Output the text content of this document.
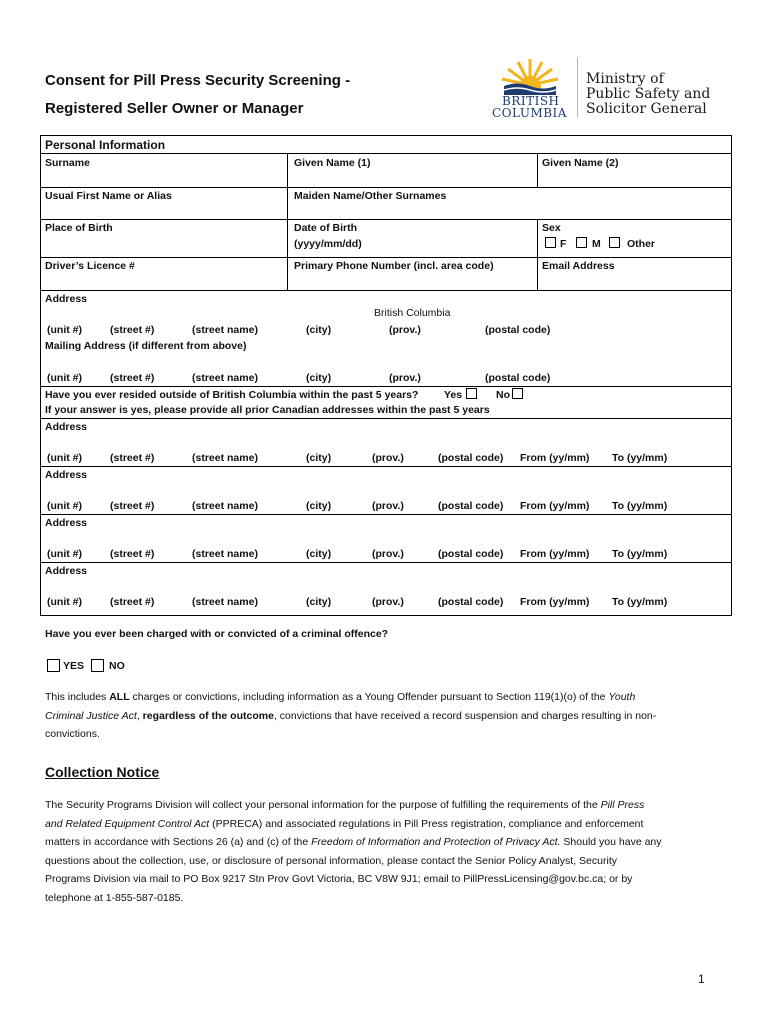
Consent for Pill Press Security Screening -
Registered Seller Owner or Manager	BRITISH
COLUMBIA
Ministry of
Public Safety and
Solicitor General
Personal Information
Surname	Given Name (1)	Given Name (2)
Usual First Name or Alias	Maiden Name/Other Surnames
Place of Birth	Date of Birth
(yyyy/mm/dd)
Sex
F M	Other
Driver’s Licence #	Primary Phone Number (incl. area code)	Email Address
Address
British Columbia
(unit #)	(street #)	(street name)	(city)	(prov.)	(postal code)
Mailing Address (if different from above)
(unit #)	(street #)	(street name)	(city)	(prov.)	(postal code)
Have you ever resided outside of British Columbia within the past 5 years? Yes	No
If your answer is yes, please provide all prior Canadian addresses within the past 5 years
Address
(unit #)	(street #)	(street name)	(city)	(prov.)	(postal code) From (yy/mm) To (yy/mm)
Address
(unit #)	(street #)	(street name)	(city)	(prov.)	(postal code) From (yy/mm) To (yy/mm)
Address
(unit #)	(street #)	(street name)	(city)	(prov.)	(postal code) From (yy/mm) To (yy/mm)
Address
(unit #)	(street #)	(street name)	(city)	(prov.)	(postal code) From (yy/mm) To (yy/mm)
Have you ever been charged with or convicted of a criminal offence?
YES NO
This includes ALL charges or convictions, including information as a Young Offender pursuant to Section 119(1)(o) of the Youth
Criminal Justice Act, regardless of the outcome, convictions that have received a record suspension and charges resulting in non-
convictions.
Collection Notice
The Security Programs Division will collect your personal information for the purpose of fulfilling the requirements of the Pill Press
and Related Equipment Control Act (PPRECA) and associated regulations in Pill Press registration, compliance and enforcement
matters in accordance with Sections 26 (a) and (c) of the Freedom of Information and Protection of Privacy Act. Should you have any
questions about the collection, use, or disclosure of personal information, please contact the Senior Policy Analyst, Security
Programs Division via mail to PO Box 9217 Stn Prov Govt Victoria, BC V8W 9J1; email to PillPressLicensing@gov.bc.ca; or by
telephone at 1-855-587-0185.
1
